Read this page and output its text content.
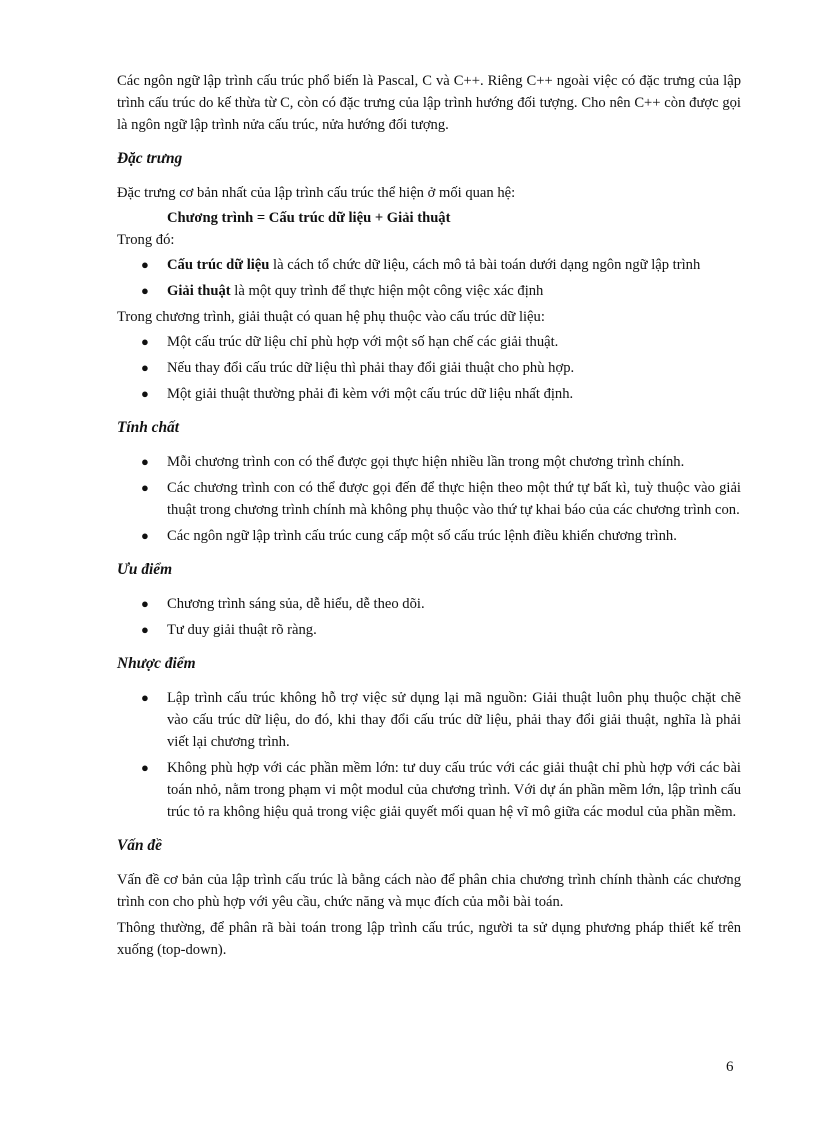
Các ngôn ngữ lập trình cấu trúc phổ biến là Pascal, C và C++. Riêng C++ ngoài việc có đặc trưng của lập trình cấu trúc do kế thừa từ C, còn có đặc trưng của lập trình hướng đối tượng. Cho nên C++ còn được gọi là ngôn ngữ lập trình nửa cấu trúc, nửa hướng đối tượng.

Đặc trưng

Đặc trưng cơ bản nhất của lập trình cấu trúc thể hiện ở mối quan hệ:

Chương trình = Cấu trúc dữ liệu + Giải thuật

Trong đó:

● Cấu trúc dữ liệu là cách tổ chức dữ liệu, cách mô tả bài toán dưới dạng ngôn ngữ lập trình
● Giải thuật là một quy trình để thực hiện một công việc xác định

Trong chương trình, giải thuật có quan hệ phụ thuộc vào cấu trúc dữ liệu:

● Một cấu trúc dữ liệu chỉ phù hợp với một số hạn chế các giải thuật.
● Nếu thay đổi cấu trúc dữ liệu thì phải thay đổi giải thuật cho phù hợp.
● Một giải thuật thường phải đi kèm với một cấu trúc dữ liệu nhất định.
Tính chất
● Mỗi chương trình con có thể được gọi thực hiện nhiều lần trong một chương trình chính.
● Các chương trình con có thể được gọi đến để thực hiện theo một thứ tự bất kì, tuỳ thuộc vào giải thuật trong chương trình chính mà không phụ thuộc vào thứ tự khai báo của các chương trình con.
● Các ngôn ngữ lập trình cấu trúc cung cấp một số cấu trúc lệnh điều khiển chương trình.
Ưu điểm
● Chương trình sáng sủa, dễ hiểu, dễ theo dõi.
● Tư duy giải thuật rõ ràng.
Nhược điểm
● Lập trình cấu trúc không hỗ trợ việc sử dụng lại mã nguồn: Giải thuật luôn phụ thuộc chặt chẽ vào cấu trúc dữ liệu, do đó, khi thay đổi cấu trúc dữ liệu, phải thay đổi giải thuật, nghĩa là phải viết lại chương trình.
● Không phù hợp với các phần mềm lớn: tư duy cấu trúc với các giải thuật chỉ phù hợp với các bài toán nhỏ, nằm trong phạm vi một modul của chương trình. Với dự án phần mềm lớn, lập trình cấu trúc tỏ ra không hiệu quả trong việc giải quyết mối quan hệ vĩ mô giữa các modul của phần mềm.
Vấn đề

Vấn đề cơ bản của lập trình cấu trúc là bằng cách nào để phân chia chương trình chính thành các chương trình con cho phù hợp với yêu cầu, chức năng và mục đích của mỗi bài toán.

Thông thường, để phân rã bài toán trong lập trình cấu trúc, người ta sử dụng phương pháp thiết kế trên xuống (top-down).

6
